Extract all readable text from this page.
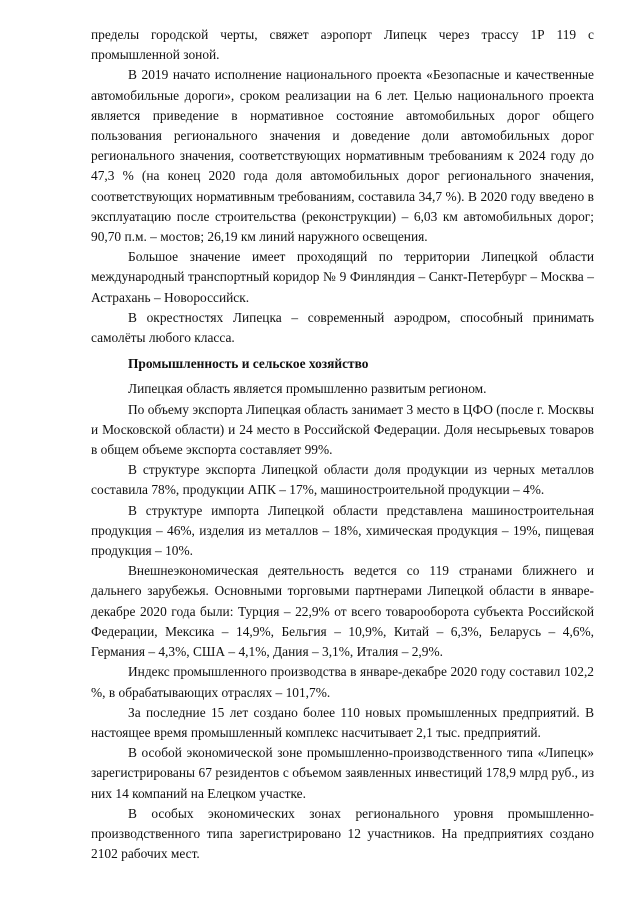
пределы городской черты, свяжет аэропорт Липецк через трассу 1Р 119 с промышленной зоной.

В 2019 начато исполнение национального проекта «Безопасные и качественные автомобильные дороги», сроком реализации на 6 лет. Целью национального проекта является приведение в нормативное состояние автомобильных дорог общего пользования регионального значения и доведение доли автомобильных дорог регионального значения, соответствующих нормативным требованиям к 2024 году до 47,3 % (на конец 2020 года доля автомобильных дорог регионального значения, соответствующих нормативным требованиям, составила 34,7 %). В 2020 году введено в эксплуатацию после строительства (реконструкции) – 6,03 км автомобильных дорог; 90,70 п.м. – мостов; 26,19 км линий наружного освещения.

Большое значение имеет проходящий по территории Липецкой области международный транспортный коридор № 9 Финляндия – Санкт-Петербург – Москва – Астрахань – Новороссийск.

В окрестностях Липецка – современный аэродром, способный принимать самолёты любого класса.

Промышленность и сельское хозяйство

Липецкая область является промышленно развитым регионом.

По объему экспорта Липецкая область занимает 3 место в ЦФО (после г. Москвы и Московской области) и 24 место в Российской Федерации. Доля несырьевых товаров в общем объеме экспорта составляет 99%.

В структуре экспорта Липецкой области доля продукции из черных металлов составила 78%, продукции АПК – 17%, машиностроительной продукции – 4%.

В структуре импорта Липецкой области представлена машиностроительная продукция – 46%, изделия из металлов – 18%, химическая продукция – 19%, пищевая продукция – 10%.

Внешнеэкономическая деятельность ведется со 119 странами ближнего и дальнего зарубежья. Основными торговыми партнерами Липецкой области в январе-декабре 2020 года были: Турция – 22,9% от всего товарооборота субъекта Российской Федерации, Мексика – 14,9%, Бельгия – 10,9%, Китай – 6,3%, Беларусь – 4,6%, Германия – 4,3%, США – 4,1%, Дания – 3,1%, Италия – 2,9%.

Индекс промышленного производства в январе-декабре 2020 году составил 102,2 %, в обрабатывающих отраслях – 101,7%.

За последние 15 лет создано более 110 новых промышленных предприятий. В настоящее время промышленный комплекс насчитывает 2,1 тыс. предприятий.

В особой экономической зоне промышленно-производственного типа «Липецк» зарегистрированы 67 резидентов с объемом заявленных инвестиций 178,9 млрд руб., из них 14 компаний на Елецком участке.

В особых экономических зонах регионального уровня промышленно-производственного типа зарегистрировано 12 участников. На предприятиях создано 2102 рабочих мест.
